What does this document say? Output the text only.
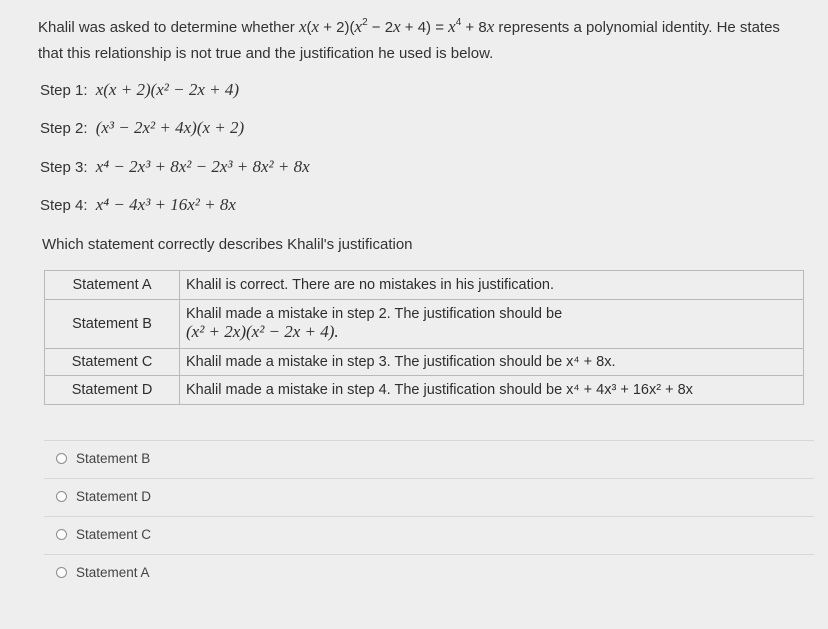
Khalil was asked to determine whether $x(x + 2)(x^2 - 2x + 4) = x^4 + 8x$ represents a polynomial identity. He states that this relationship is not true and the justification he used is below.
Step 1: x(x + 2)(x² − 2x + 4)
Step 2: (x³ − 2x² + 4x)(x + 2)
Step 3: x⁴ − 2x³ + 8x² − 2x³ + 8x² + 8x
Step 4: x⁴ − 4x³ + 16x² + 8x
Which statement correctly describes Khalil's justification
Statement A	Khalil is correct. There are no mistakes in his justification.
Statement B	Khalil made a mistake in step 2. The justification should be
(x² + 2x)(x² − 2x + 4).

Statement C	Khalil made a mistake in step 3. The justification should be x⁴ + 8x.
Statement D	Khalil made a mistake in step 4. The justification should be x⁴ + 4x³ + 16x² + 8x
Statement B
Statement D
Statement C
Statement A
